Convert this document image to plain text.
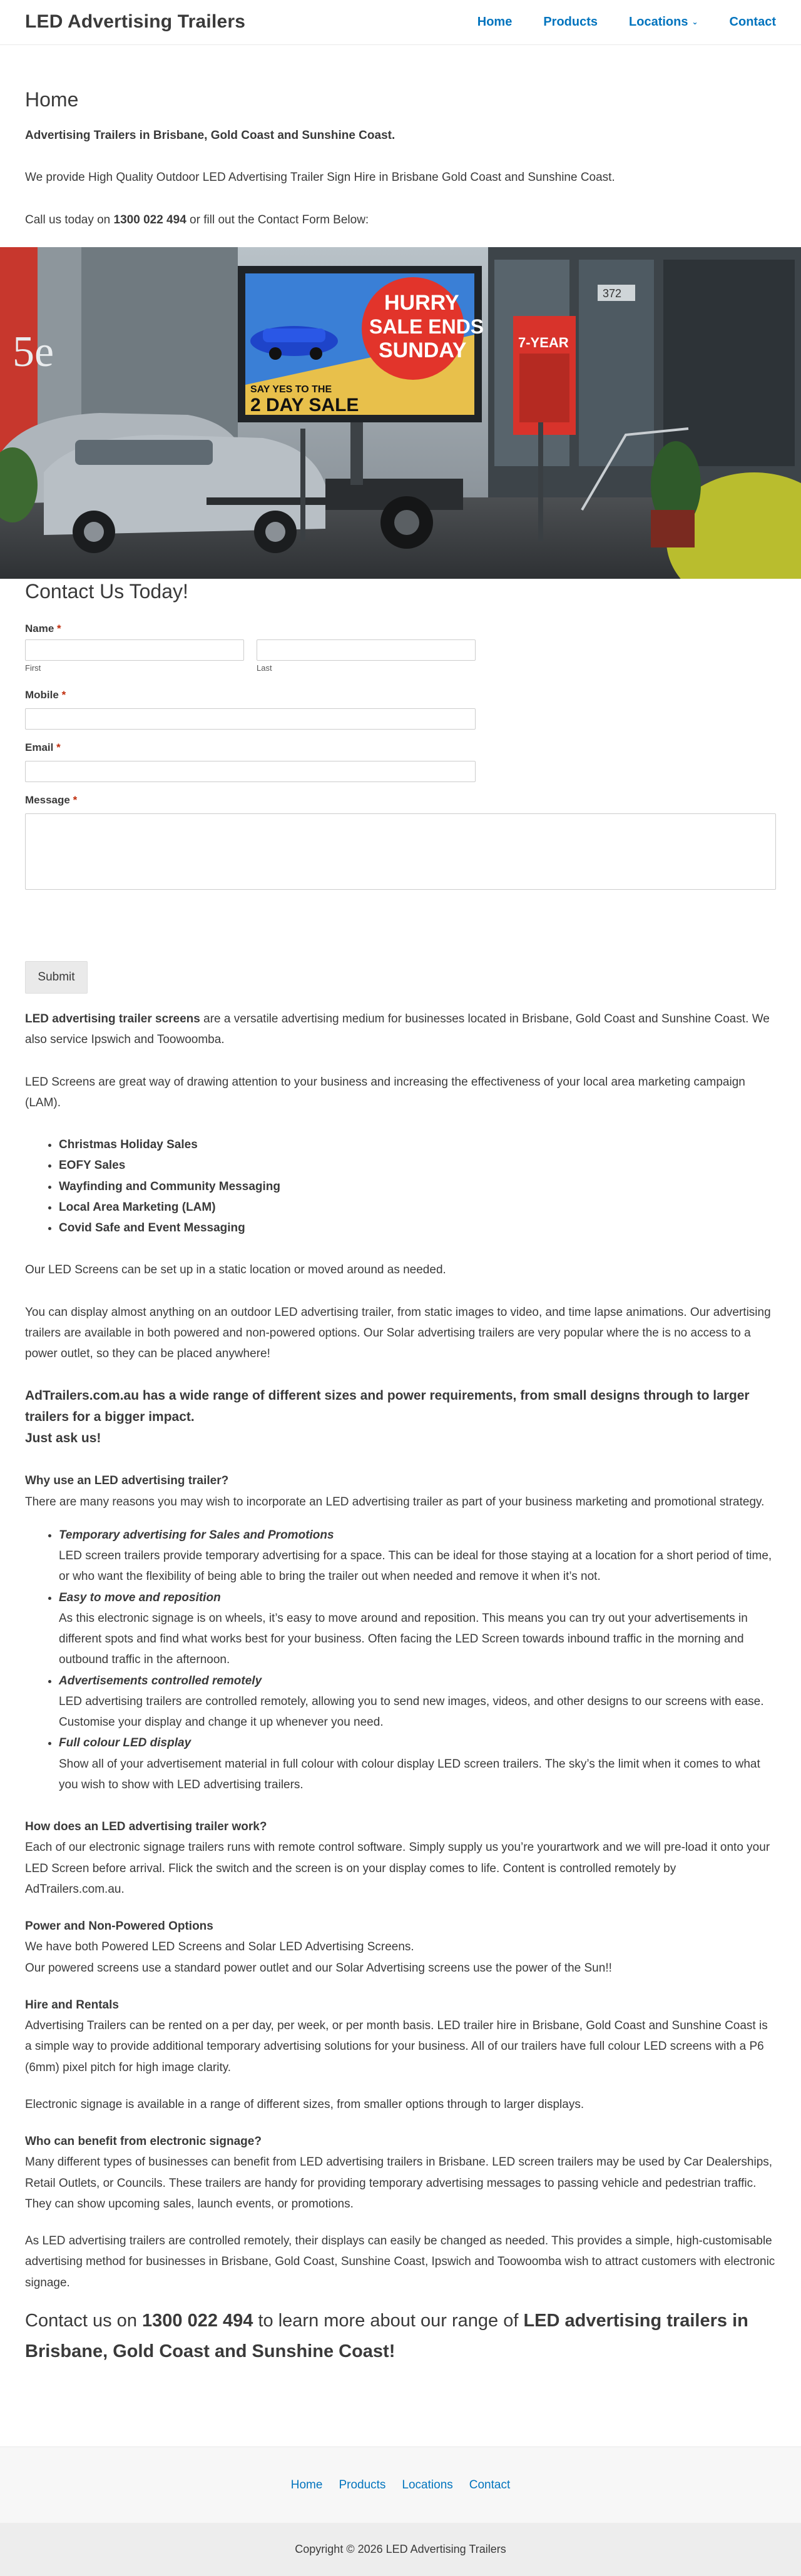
LED Advertising Trailers	Home	Products	Locations ⌄	Contact
Home

Advertising Trailers in Brisbane, Gold Coast and Sunshine Coast.

We provide High Quality Outdoor LED Advertising Trailer Sign Hire in Brisbane Gold Coast and Sunshine Coast.

Call us today on 1300 022 494 or fill out the Contact Form Below:

5e
372
7-YEAR
HURRY
SALE ENDS
SUNDAY
SAY YES TO THE
2 DAY SALE
Contact Us Today!
Name *
First	Last
Mobile *
Email *
Message *
Submit

LED advertising trailer screens are a versatile advertising medium for businesses located in Brisbane, Gold Coast and Sunshine Coast. We also service Ipswich and Toowoomba.

LED Screens are great way of drawing attention to your business and increasing the effectiveness of your local area marketing campaign (LAM).

• Christmas Holiday Sales
• EOFY Sales
• Wayfinding and Community Messaging
• Local Area Marketing (LAM)
• Covid Safe and Event Messaging

Our LED Screens can be set up in a static location or moved around as needed.

You can display almost anything on an outdoor LED advertising trailer, from static images to video, and time lapse animations. Our advertising trailers are available in both powered and non-powered options. Our Solar advertising trailers are very popular where the is no access to a power outlet, so they can be placed anywhere!

AdTrailers.com.au has a wide range of different sizes and power requirements, from small designs through to larger trailers for a bigger impact.
Just ask us!

Why use an LED advertising trailer?
There are many reasons you may wish to incorporate an LED advertising trailer as part of your business marketing and promotional strategy.

• Temporary advertising for Sales and Promotions
LED screen trailers provide temporary advertising for a space. This can be ideal for those staying at a location for a short period of time, or who want the flexibility of being able to bring the trailer out when needed and remove it when it’s not.
• Easy to move and reposition
As this electronic signage is on wheels, it’s easy to move around and reposition. This means you can try out your advertisements in different spots and find what works best for your business. Often facing the LED Screen towards inbound traffic in the morning and outbound traffic in the afternoon.
• Advertisements controlled remotely
LED advertising trailers are controlled remotely, allowing you to send new images, videos, and other designs to our screens with ease. Customise your display and change it up whenever you need.
• Full colour LED display
Show all of your advertisement material in full colour with colour display LED screen trailers. The sky’s the limit when it comes to what you wish to show with LED advertising trailers.

How does an LED advertising trailer work?
Each of our electronic signage trailers runs with remote control software. Simply supply us you’re yourartwork and we will pre-load it onto your LED Screen before arrival. Flick the switch and the screen is on your display comes to life. Content is controlled remotely by AdTrailers.com.au.

Power and Non-Powered Options
We have both Powered LED Screens and Solar LED Advertising Screens.
Our powered screens use a standard power outlet and our Solar Advertising screens use the power of the Sun!!

Hire and Rentals
Advertising Trailers can be rented on a per day, per week, or per month basis. LED trailer hire in Brisbane, Gold Coast and Sunshine Coast is a simple way to provide additional temporary advertising solutions for your business. All of our trailers have full colour LED screens with a P6 (6mm) pixel pitch for high image clarity.

Electronic signage is available in a range of different sizes, from smaller options through to larger displays.

Who can benefit from electronic signage?
Many different types of businesses can benefit from LED advertising trailers in Brisbane. LED screen trailers may be used by Car Dealerships, Retail Outlets, or Councils. These trailers are handy for providing temporary advertising messages to passing vehicle and pedestrian traffic. They can show upcoming sales, launch events, or promotions.

As LED advertising trailers are controlled remotely, their displays can easily be changed as needed. This provides a simple, high-customisable advertising method for businesses in Brisbane, Gold Coast, Sunshine Coast, Ipswich and Toowoomba wish to attract customers with electronic signage.

Contact us on 1300 022 494 to learn more about our range of LED advertising trailers in Brisbane, Gold Coast and Sunshine Coast!

Home Products Locations Contact
Copyright © 2026 LED Advertising Trailers
